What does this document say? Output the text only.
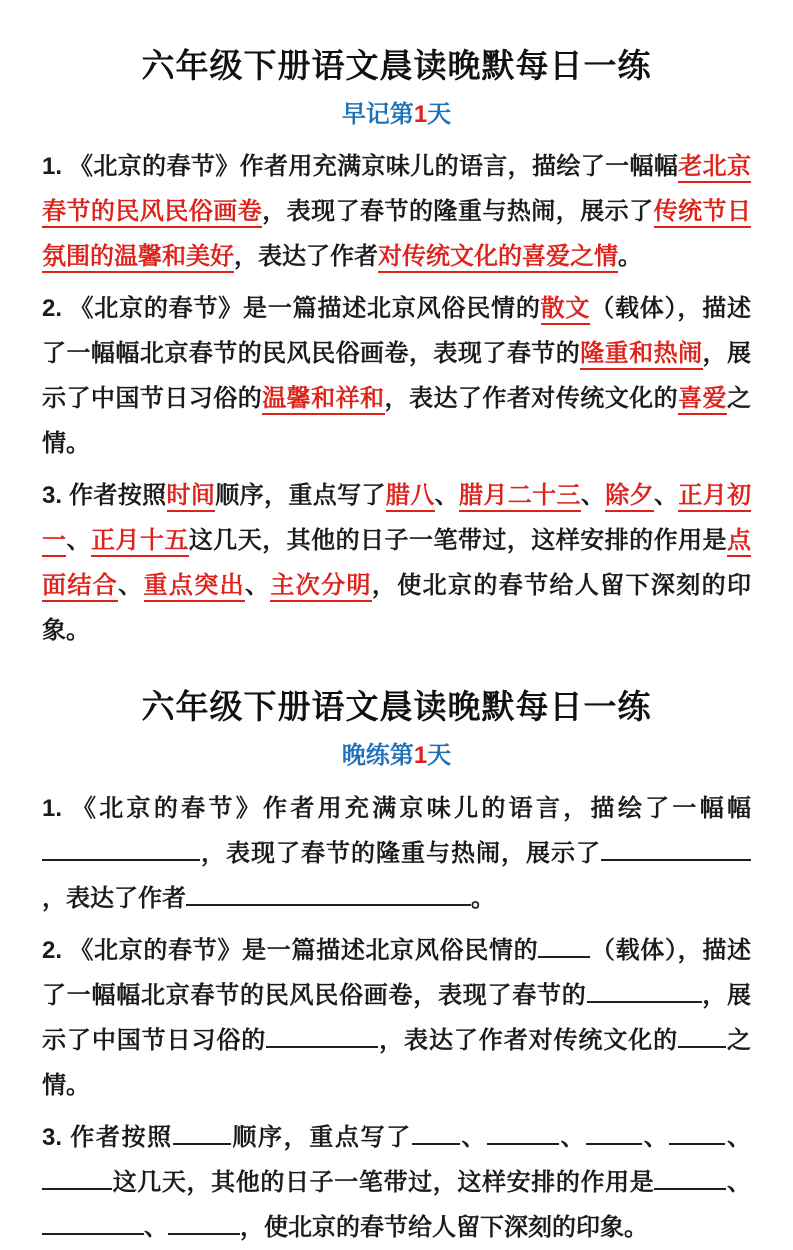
六年级下册语文晨读晚默每日一练
早记第1天

1. 《北京的春节》作者用充满京味儿的语言，描绘了一幅幅老北京春节的民风民俗画卷，表现了春节的隆重与热闹，展示了传统节日氛围的温馨和美好，表达了作者对传统文化的喜爱之情。

2. 《北京的春节》是一篇描述北京风俗民情的散文（载体），描述了一幅幅北京春节的民风民俗画卷，表现了春节的隆重和热闹，展示了中国节日习俗的温馨和祥和，表达了作者对传统文化的喜爱之情。

3. 作者按照时间顺序，重点写了腊八、腊月二十三、除夕、正月初一、正月十五这几天，其他的日子一笔带过，这样安排的作用是点面结合、重点突出、主次分明，使北京的春节给人留下深刻的印象。

六年级下册语文晨读晚默每日一练
晚练第1天

1. 《北京的春节》作者用充满京味儿的语言，描绘了一幅幅，表现了春节的隆重与热闹，展示了，表达了作者	。

2. 《北京的春节》是一篇描述北京风俗民情的 （载体），描述了一幅幅北京春节的民风民俗画卷，表现了春节的	，展示了中国节日习俗的	，表达了作者对传统文化的 之情。

3. 作者按照 顺序，重点写了 、	、 、 、这几天，其他的日子一笔带过，这样安排的作用是	、、	，使北京的春节给人留下深刻的印象。
